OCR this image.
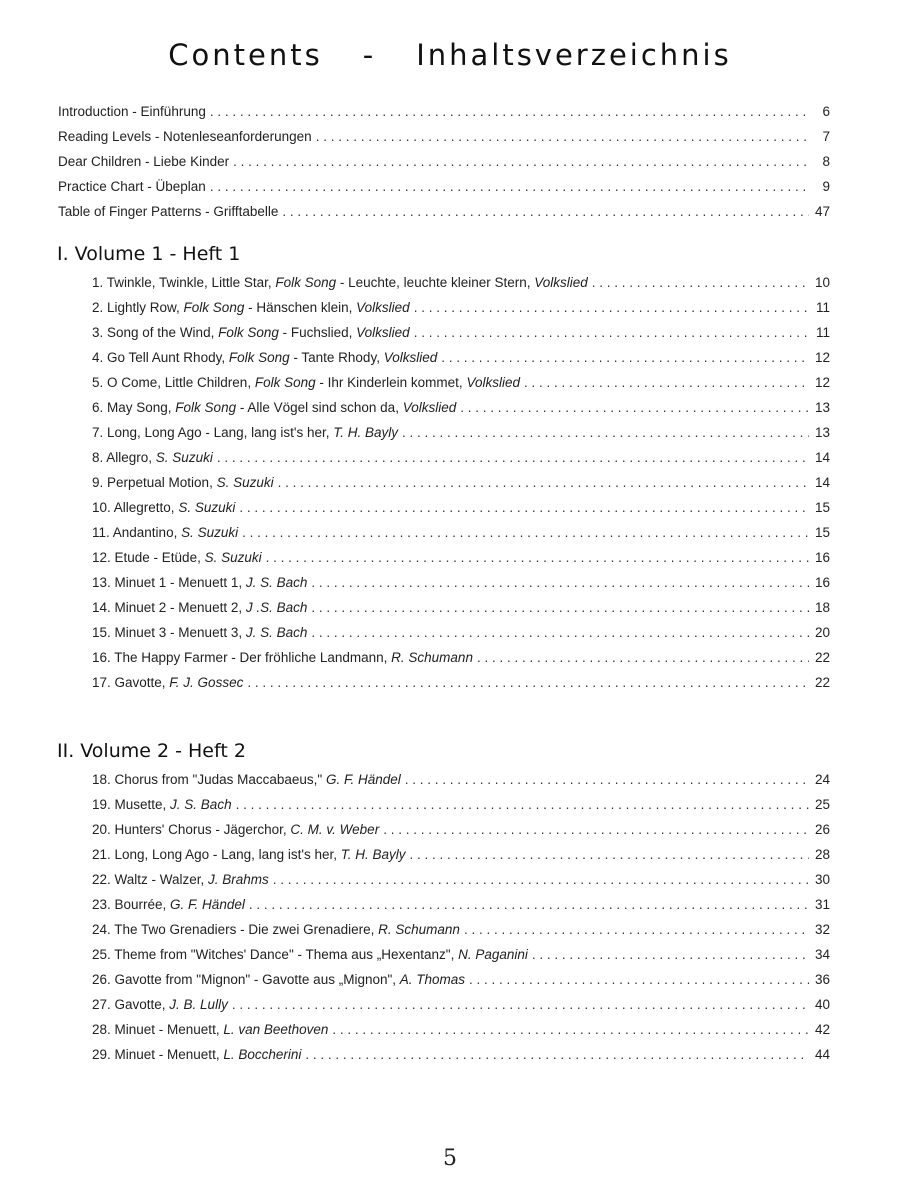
Contents - Inhaltsverzeichnis
Introduction - Einführung . . .	6
Reading Levels - Notenleseanforderungen . . .	7
Dear Children - Liebe Kinder . . .	8
Practice Chart - Übeplan . . .	9
Table of Finger Patterns - Grifftabelle . . .	47
I. Volume 1 - Heft 1
1. Twinkle, Twinkle, Little Star, Folk Song - Leuchte, leuchte kleiner Stern, Volkslied . . .	10
2. Lightly Row, Folk Song - Hänschen klein, Volkslied . . .	11
3. Song of the Wind, Folk Song - Fuchslied, Volkslied . . .	11
4. Go Tell Aunt Rhody, Folk Song - Tante Rhody, Volkslied . . .	12
5. O Come, Little Children, Folk Song - Ihr Kinderlein kommet, Volkslied . . .	12
6. May Song, Folk Song - Alle Vögel sind schon da, Volkslied . . .	13
7. Long, Long Ago - Lang, lang ist's her, T. H. Bayly . . .	13
8. Allegro, S. Suzuki . . .	14
9. Perpetual Motion, S. Suzuki . . .	14
10. Allegretto, S. Suzuki . . .	15
11. Andantino, S. Suzuki . . .	15
12. Etude - Etüde, S. Suzuki . . .	16
13. Minuet 1 - Menuett 1, J. S. Bach . . .	16
14. Minuet 2 - Menuett 2, J .S. Bach . . .	18
15. Minuet 3 - Menuett 3, J. S. Bach . . .	20
16. The Happy Farmer - Der fröhliche Landmann, R. Schumann . . .	22
17. Gavotte, F. J. Gossec . . .	22
II. Volume 2 - Heft 2
18. Chorus from "Judas Maccabaeus," G. F. Händel . . .	24
19. Musette, J. S. Bach . . .	25
20. Hunters' Chorus - Jägerchor, C. M. v. Weber . . .	26
21. Long, Long Ago - Lang, lang ist's her, T. H. Bayly . . .	28
22. Waltz - Walzer, J. Brahms . . .	30
23. Bourrée, G. F. Händel . . .	31
24. The Two Grenadiers - Die zwei Grenadiere, R. Schumann . . .	32
25. Theme from "Witches' Dance" - Thema aus „Hexentanz", N. Paganini . . .	34
26. Gavotte from "Mignon" - Gavotte aus „Mignon", A. Thomas . . .	36
27. Gavotte, J. B. Lully . . .	40
28. Minuet - Menuett, L. van Beethoven . . .	42
29. Minuet - Menuett, L. Boccherini . . .	44
5
